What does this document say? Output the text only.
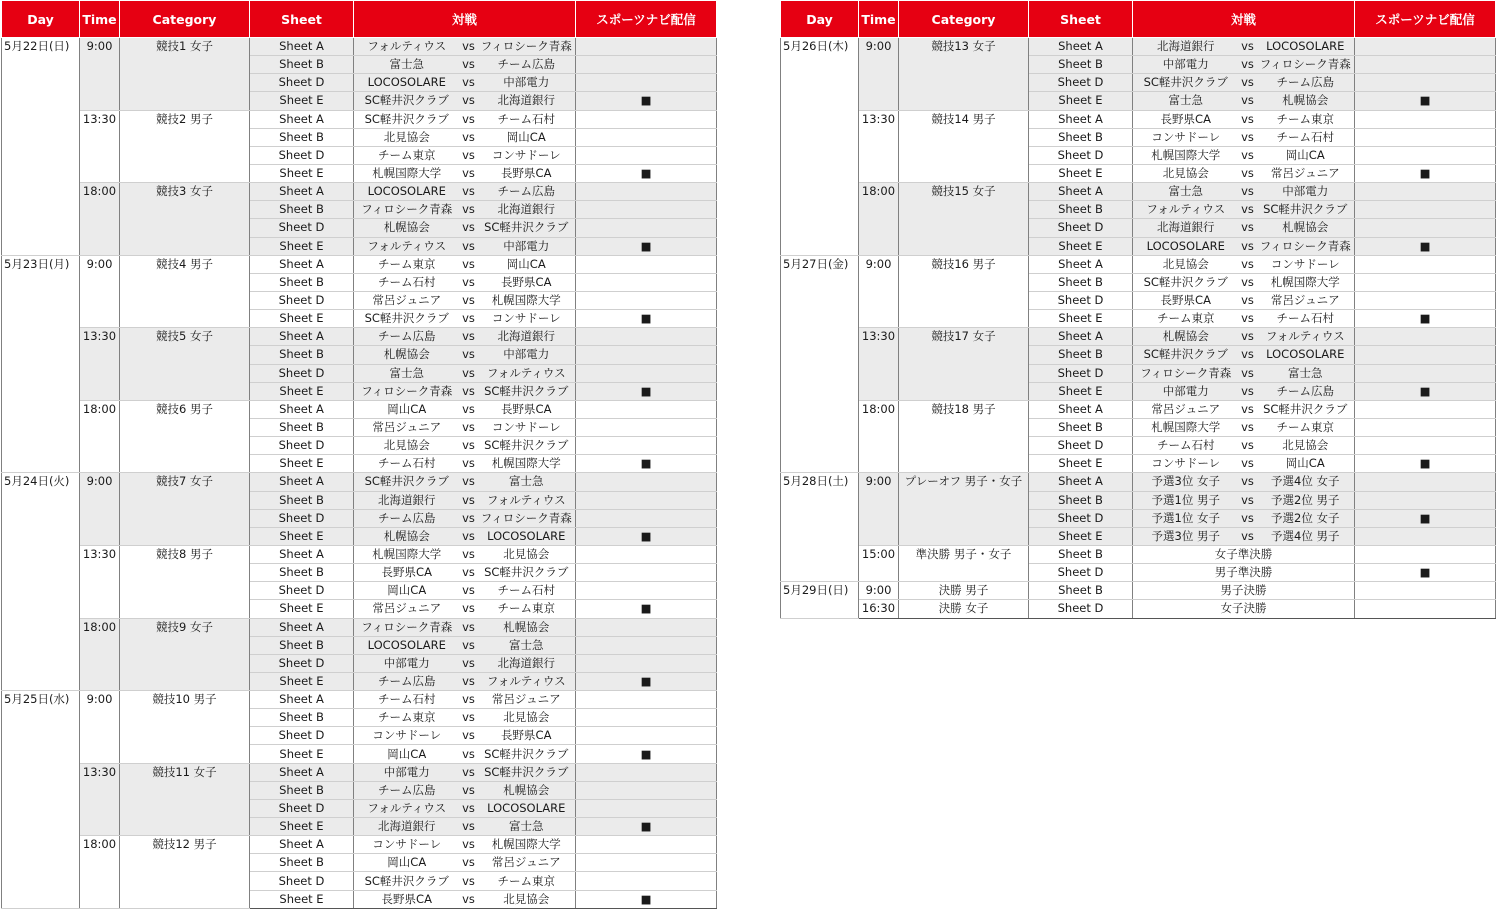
Day	Time	Category	Sheet	対戦			スポーツナビ配信
5月22日(日)	9:00	競技1 女子	Sheet A	フォルティウス	vs	フィロシーク青森	
			Sheet B	富士急	vs	チーム広島	
			Sheet D	LOCOSOLARE	vs	中部電力	
			Sheet E	SC軽井沢クラブ	vs	北海道銀行	■
	13:30	競技2 男子	Sheet A	SC軽井沢クラブ	vs	チーム石村	
			Sheet B	北見協会	vs	岡山CA	
			Sheet D	チーム東京	vs	コンサドーレ	
			Sheet E	札幌国際大学	vs	長野県CA	■
	18:00	競技3 女子	Sheet A	LOCOSOLARE	vs	チーム広島	
			Sheet B	フィロシーク青森	vs	北海道銀行	
			Sheet D	札幌協会	vs	SC軽井沢クラブ	
			Sheet E	フォルティウス	vs	中部電力	■
5月23日(月)	9:00	競技4 男子	Sheet A	チーム東京	vs	岡山CA	
			Sheet B	チーム石村	vs	長野県CA	
			Sheet D	常呂ジュニア	vs	札幌国際大学	
			Sheet E	SC軽井沢クラブ	vs	コンサドーレ	■
	13:30	競技5 女子	Sheet A	チーム広島	vs	北海道銀行	
			Sheet B	札幌協会	vs	中部電力	
			Sheet D	富士急	vs	フォルティウス	
			Sheet E	フィロシーク青森	vs	SC軽井沢クラブ	■
	18:00	競技6 男子	Sheet A	岡山CA	vs	長野県CA	
			Sheet B	常呂ジュニア	vs	コンサドーレ	
			Sheet D	北見協会	vs	SC軽井沢クラブ	
			Sheet E	チーム石村	vs	札幌国際大学	■
5月24日(火)	9:00	競技7 女子	Sheet A	SC軽井沢クラブ	vs	富士急	
			Sheet B	北海道銀行	vs	フォルティウス	
			Sheet D	チーム広島	vs	フィロシーク青森	
			Sheet E	札幌協会	vs	LOCOSOLARE	■
	13:30	競技8 男子	Sheet A	札幌国際大学	vs	北見協会	
			Sheet B	長野県CA	vs	SC軽井沢クラブ	
			Sheet D	岡山CA	vs	チーム石村	
			Sheet E	常呂ジュニア	vs	チーム東京	■
	18:00	競技9 女子	Sheet A	フィロシーク青森	vs	札幌協会	
			Sheet B	LOCOSOLARE	vs	富士急	
			Sheet D	中部電力	vs	北海道銀行	
			Sheet E	チーム広島	vs	フォルティウス	■
5月25日(水)	9:00	競技10 男子	Sheet A	チーム石村	vs	常呂ジュニア	
			Sheet B	チーム東京	vs	北見協会	
			Sheet D	コンサドーレ	vs	長野県CA	
			Sheet E	岡山CA	vs	SC軽井沢クラブ	■
	13:30	競技11 女子	Sheet A	中部電力	vs	SC軽井沢クラブ	
			Sheet B	チーム広島	vs	札幌協会	
			Sheet D	フォルティウス	vs	LOCOSOLARE	
			Sheet E	北海道銀行	vs	富士急	■
	18:00	競技12 男子	Sheet A	コンサドーレ	vs	札幌国際大学	
			Sheet B	岡山CA	vs	常呂ジュニア	
			Sheet D	SC軽井沢クラブ	vs	チーム東京	
			Sheet E	長野県CA	vs	北見協会	■
Day	Time	Category	Sheet	対戦			スポーツナビ配信
5月26日(木)	9:00	競技13 女子	Sheet A	北海道銀行	vs	LOCOSOLARE	
			Sheet B	中部電力	vs	フィロシーク青森	
			Sheet D	SC軽井沢クラブ	vs	チーム広島	
			Sheet E	富士急	vs	札幌協会	■
	13:30	競技14 男子	Sheet A	長野県CA	vs	チーム東京	
			Sheet B	コンサドーレ	vs	チーム石村	
			Sheet D	札幌国際大学	vs	岡山CA	
			Sheet E	北見協会	vs	常呂ジュニア	■
	18:00	競技15 女子	Sheet A	富士急	vs	中部電力	
			Sheet B	フォルティウス	vs	SC軽井沢クラブ	
			Sheet D	北海道銀行	vs	札幌協会	
			Sheet E	LOCOSOLARE	vs	フィロシーク青森	■
5月27日(金)	9:00	競技16 男子	Sheet A	北見協会	vs	コンサドーレ	
			Sheet B	SC軽井沢クラブ	vs	札幌国際大学	
			Sheet D	長野県CA	vs	常呂ジュニア	
			Sheet E	チーム東京	vs	チーム石村	■
	13:30	競技17 女子	Sheet A	札幌協会	vs	フォルティウス	
			Sheet B	SC軽井沢クラブ	vs	LOCOSOLARE	
			Sheet D	フィロシーク青森	vs	富士急	
			Sheet E	中部電力	vs	チーム広島	■
	18:00	競技18 男子	Sheet A	常呂ジュニア	vs	SC軽井沢クラブ	
			Sheet B	札幌国際大学	vs	チーム東京	
			Sheet D	チーム石村	vs	北見協会	
			Sheet E	コンサドーレ	vs	岡山CA	■
5月28日(土)	9:00	プレーオフ 男子・女子	Sheet A	予選3位 女子	vs	予選4位 女子	
			Sheet B	予選1位 男子	vs	予選2位 男子	
			Sheet D	予選1位 女子	vs	予選2位 女子	■
			Sheet E	予選3位 男子	vs	予選4位 男子	
	15:00	準決勝 男子・女子	Sheet B	女子準決勝			
			Sheet D	男子準決勝			■
5月29日(日)	9:00	決勝 男子	Sheet B	男子決勝			
	16:30	決勝 女子	Sheet D	女子決勝			
